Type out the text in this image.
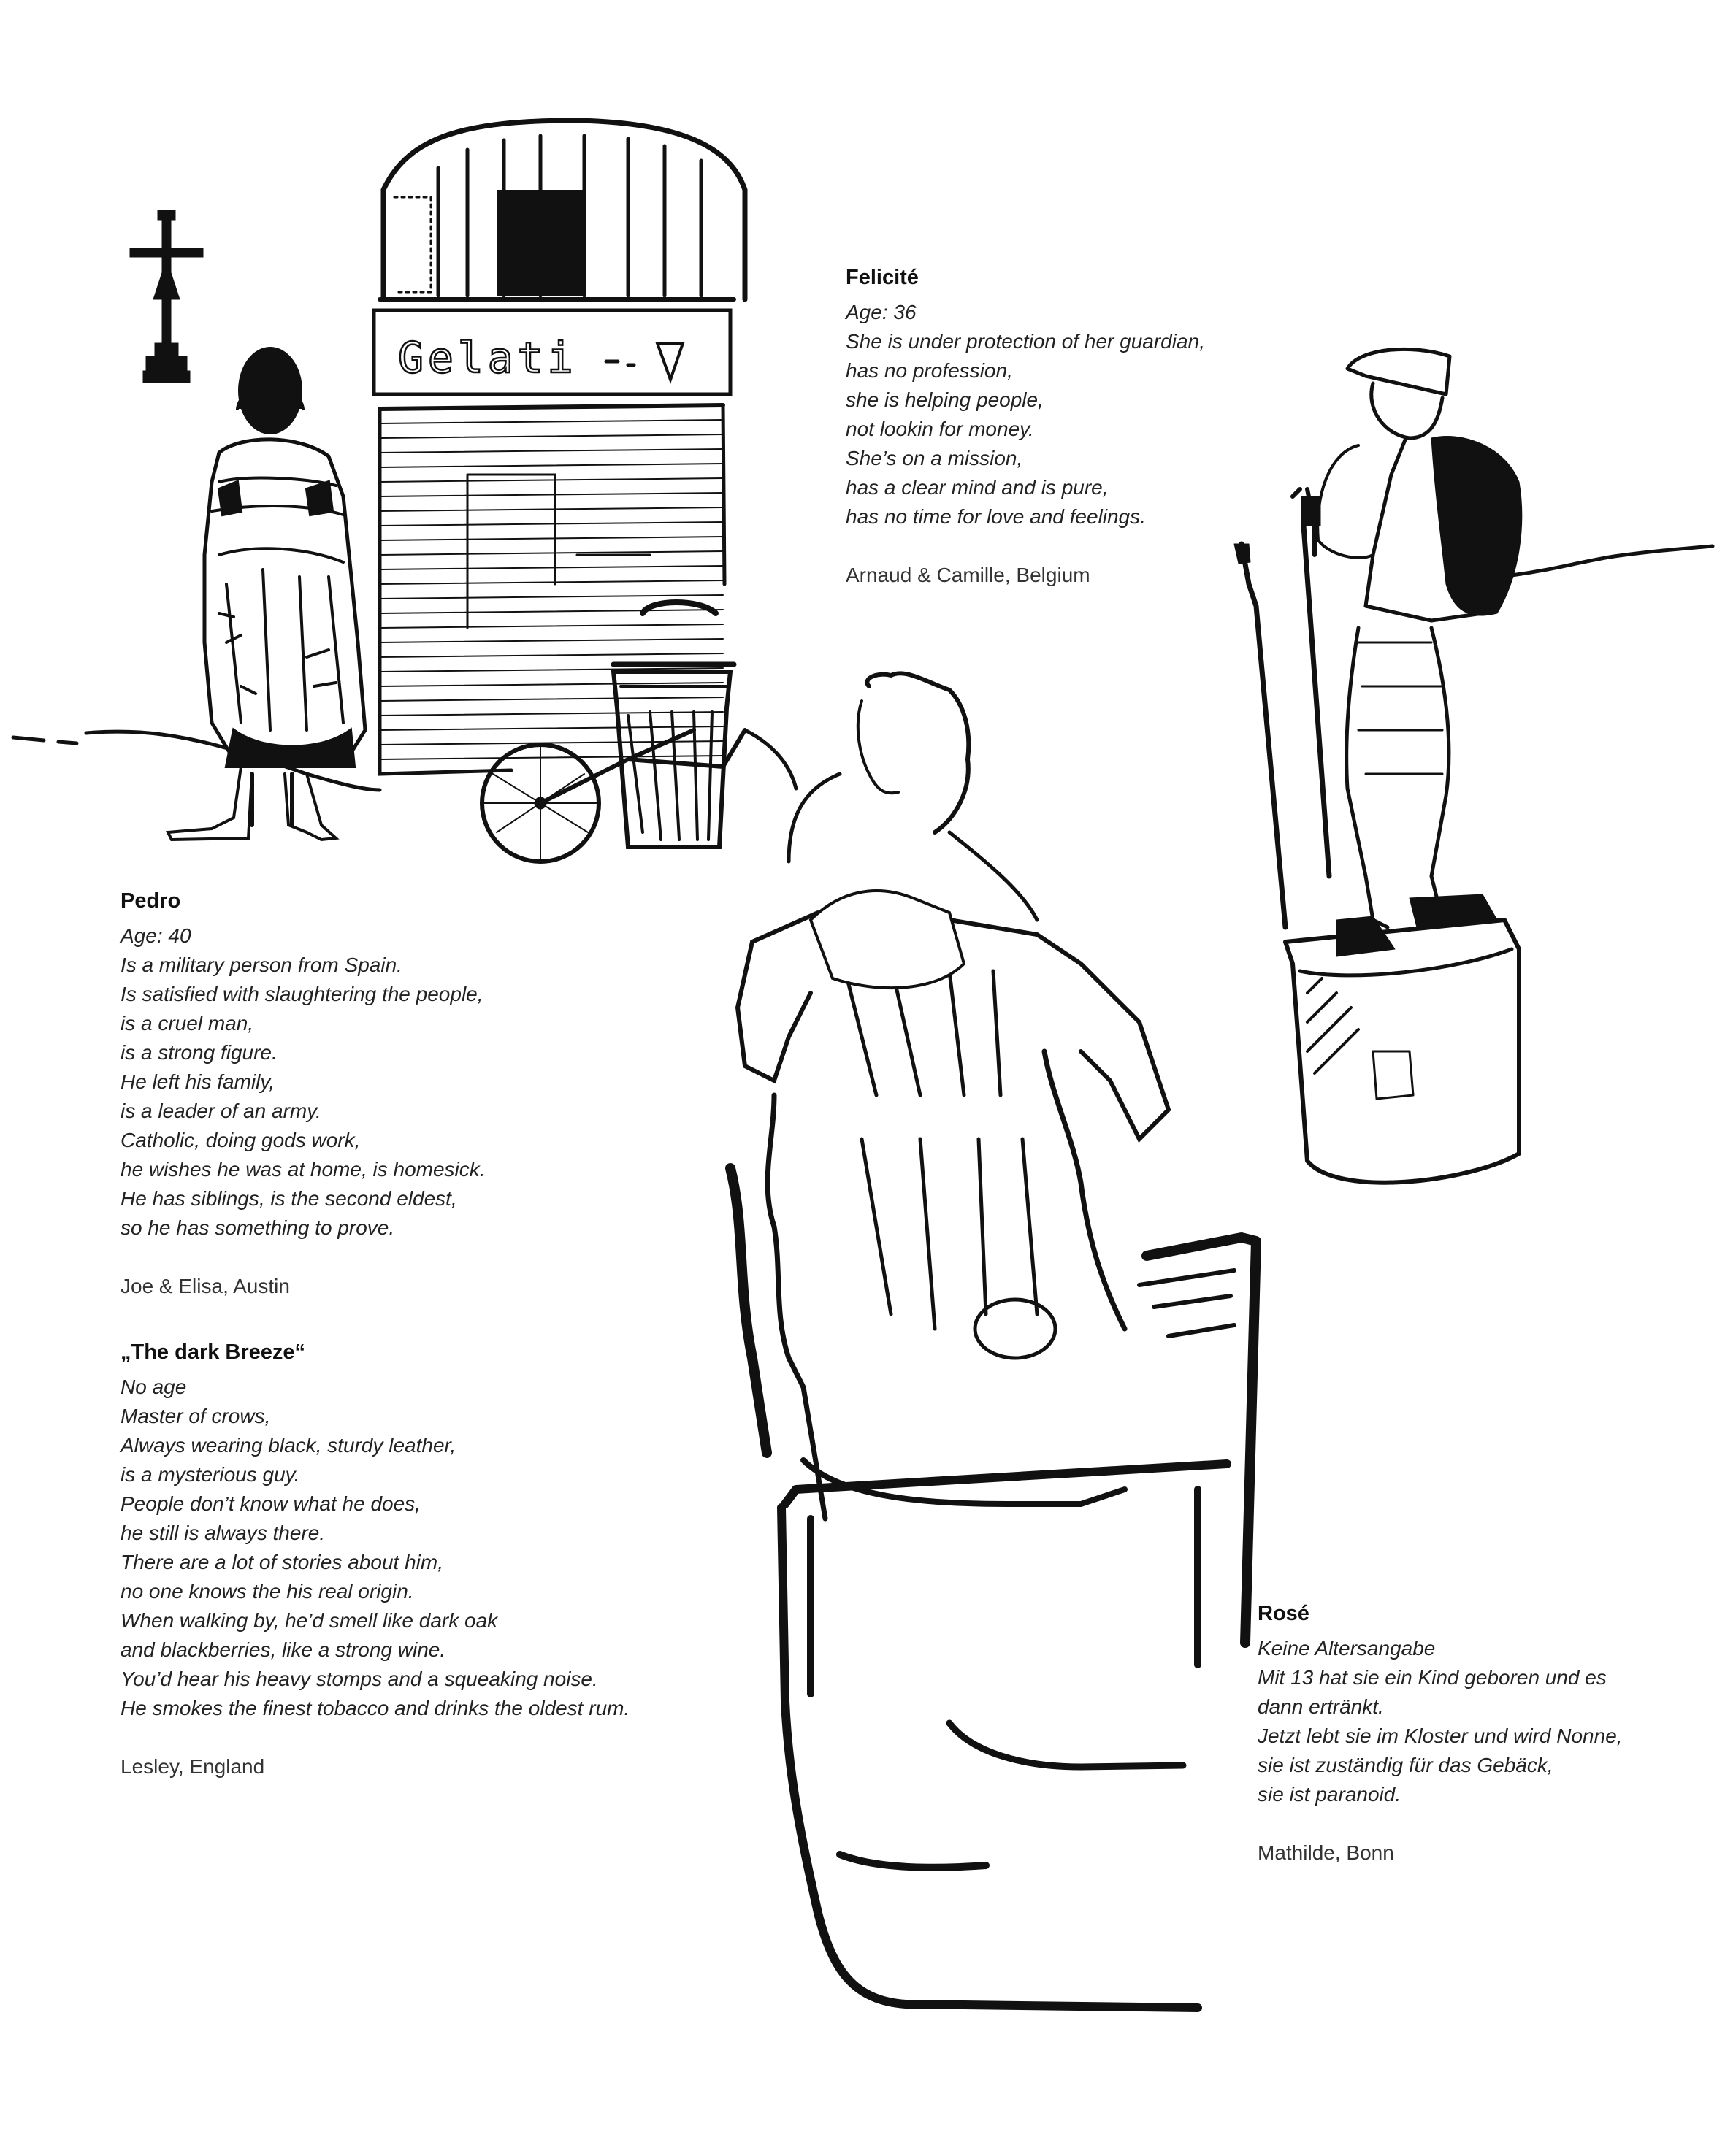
Gelati
Felicité
Age: 36
She is under protection of her guardian,
has no profession,
she is helping people,
not lookin for money.
She’s on a mission,
has a clear mind and is pure,
has no time for love and feelings.
Arnaud & Camille, Belgium
Pedro
Age: 40
Is a military person from Spain.
Is satisfied with slaughtering the people,
is a cruel man,
is a strong figure.
He left his family,
is a leader of an army.
Catholic, doing gods work,
he wishes he was at home, is homesick.
He has siblings, is the second eldest,
so he has something to prove.
Joe & Elisa, Austin
„The dark Breeze“
No age
Master of crows,
Always wearing black, sturdy leather,
is a mysterious guy.
People don’t know what he does,
he still is always there.
There are a lot of stories about him,
no one knows the his real origin.
When walking by, he’d smell like dark oak
and blackberries, like a strong wine.
You’d hear his heavy stomps and a squeaking noise.
He smokes the finest tobacco and drinks the oldest rum.
Lesley, England
Rosé
Keine Altersangabe
Mit 13 hat sie ein Kind geboren und es
dann ertränkt.
Jetzt lebt sie im Kloster und wird Nonne,
sie ist zuständig für das Gebäck,
sie ist paranoid.
Mathilde, Bonn
